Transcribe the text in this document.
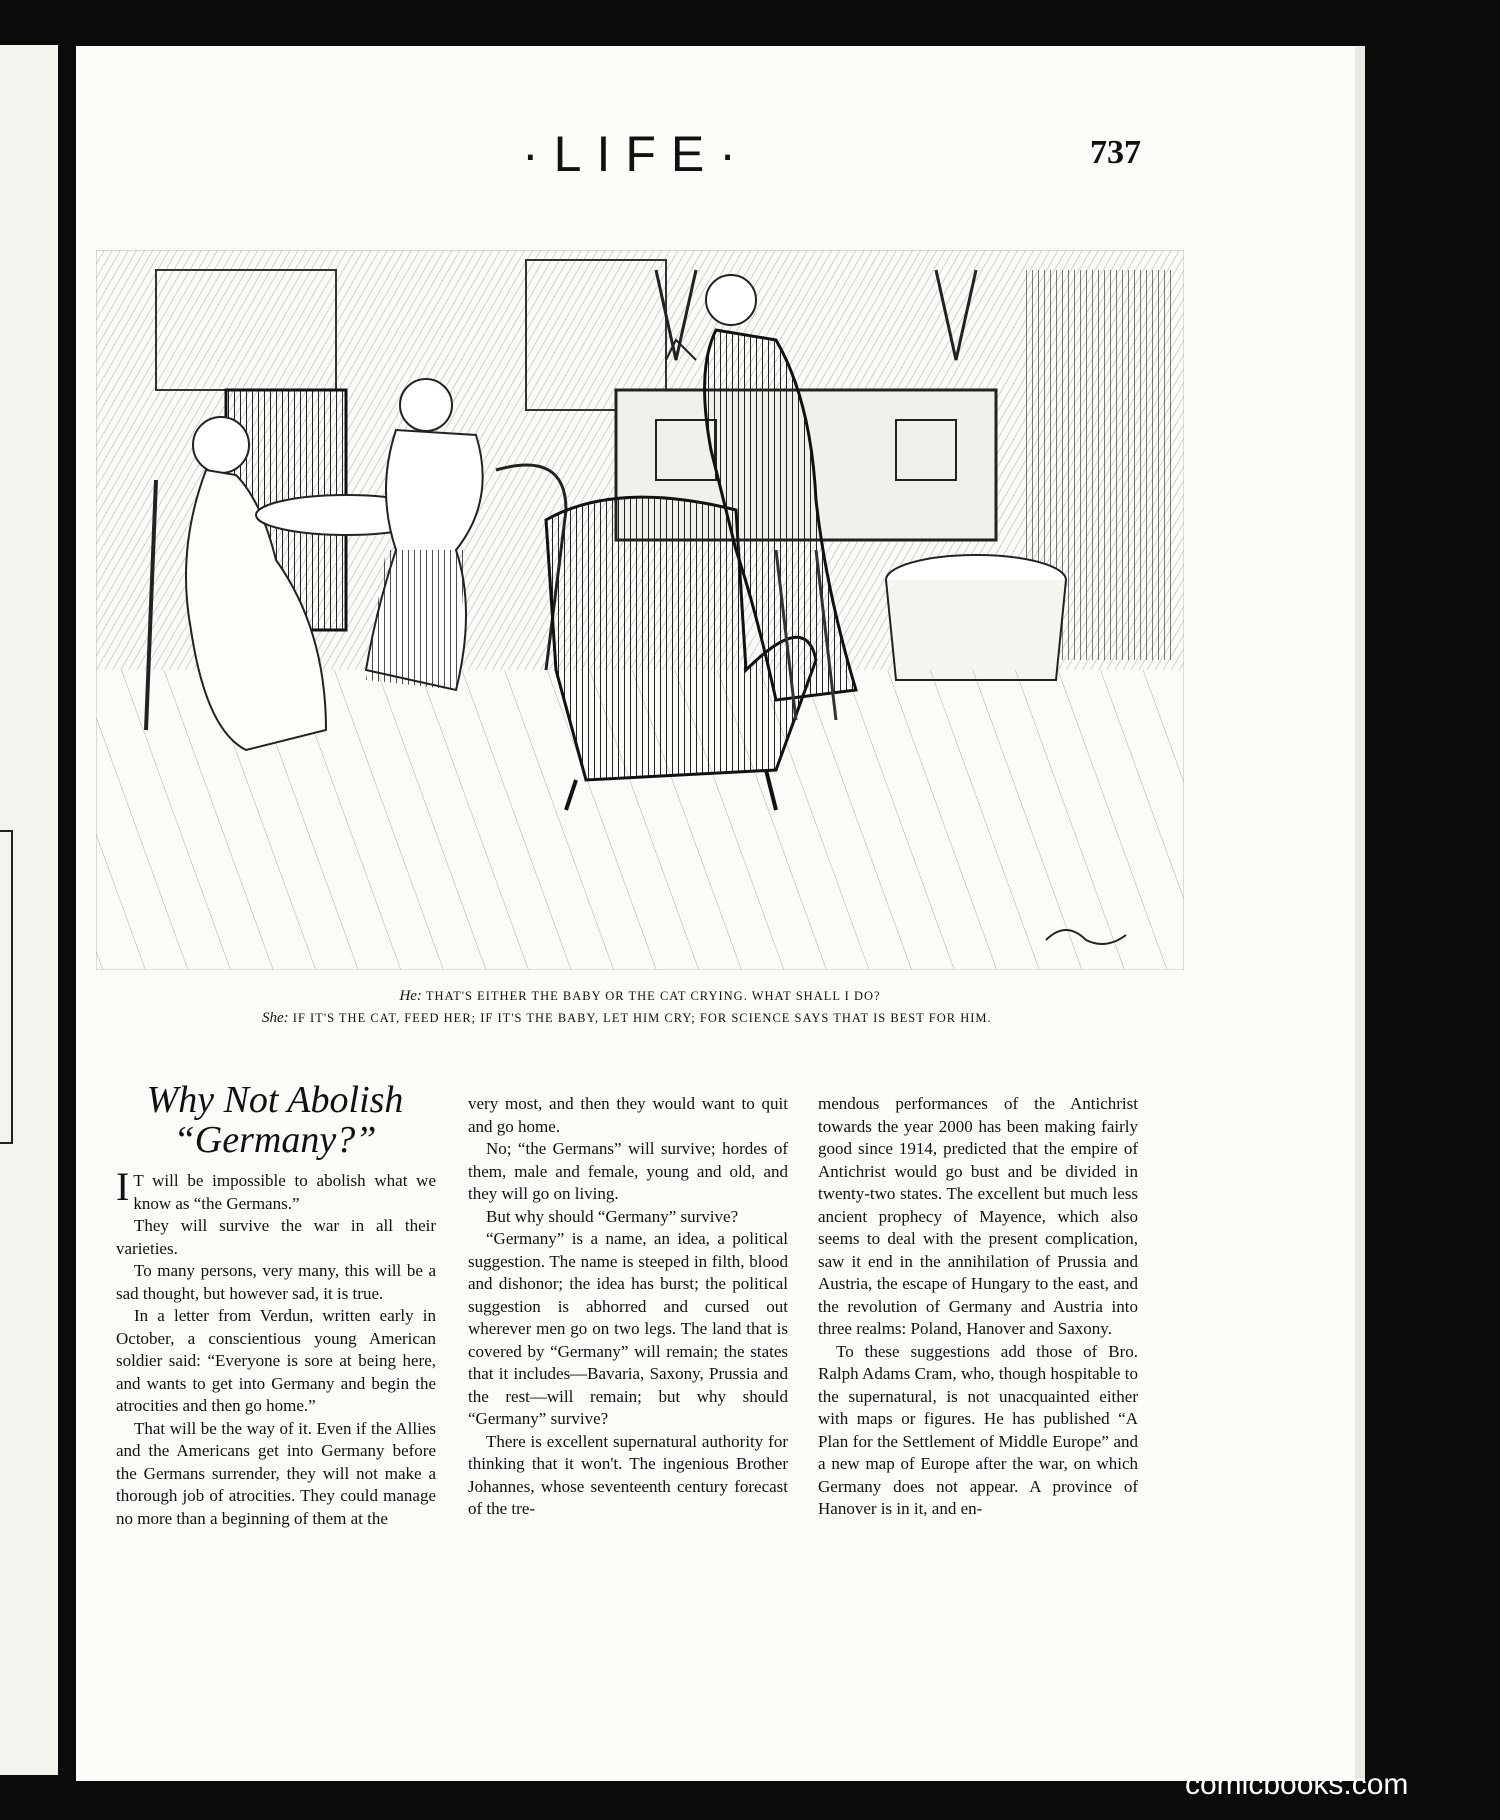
·LIFE·	737
He: THAT'S EITHER THE BABY OR THE CAT CRYING. WHAT SHALL I DO?
She: IF IT'S THE CAT, FEED HER; IF IT'S THE BABY, LET HIM CRY; FOR SCIENCE SAYS THAT IS BEST FOR HIM.
Why Not Abolish
“Germany?”

I T will be impossible to abolish what we know as “the Germans.”

They will survive the war in all their varieties.

To many persons, very many, this will be a sad thought, but however sad, it is true.

In a letter from Verdun, written early in October, a conscientious young American soldier said: “Everyone is sore at being here, and wants to get into Germany and begin the atrocities and then go home.”

That will be the way of it. Even if the Allies and the Americans get into Germany before the Germans surrender, they will not make a thorough job of atrocities. They could manage no more than a beginning of them at the

very most, and then they would want to quit and go home.

No; “the Germans” will survive; hordes of them, male and female, young and old, and they will go on living.

But why should “Germany” survive?

“Germany” is a name, an idea, a political suggestion. The name is steeped in filth, blood and dishonor; the idea has burst; the political suggestion is abhorred and cursed out wherever men go on two legs. The land that is covered by “Germany” will remain; the states that it includes—Bavaria, Saxony, Prussia and the rest—will remain; but why should “Germany” survive?

There is excellent supernatural authority for thinking that it won't. The ingenious Brother Johannes, whose seventeenth century forecast of the tre-

mendous performances of the Antichrist towards the year 2000 has been making fairly good since 1914, predicted that the empire of Antichrist would go bust and be divided in twenty-two states. The excellent but much less ancient prophecy of Mayence, which also seems to deal with the present complication, saw it end in the annihilation of Prussia and Austria, the escape of Hungary to the east, and the revolution of Germany and Austria into three realms: Poland, Hanover and Saxony.

To these suggestions add those of Bro. Ralph Adams Cram, who, though hospitable to the supernatural, is not unacquainted either with maps or figures. He has published “A Plan for the Settlement of Middle Europe” and a new map of Europe after the war, on which Germany does not appear. A province of Hanover is in it, and en-

comicbooks.com
